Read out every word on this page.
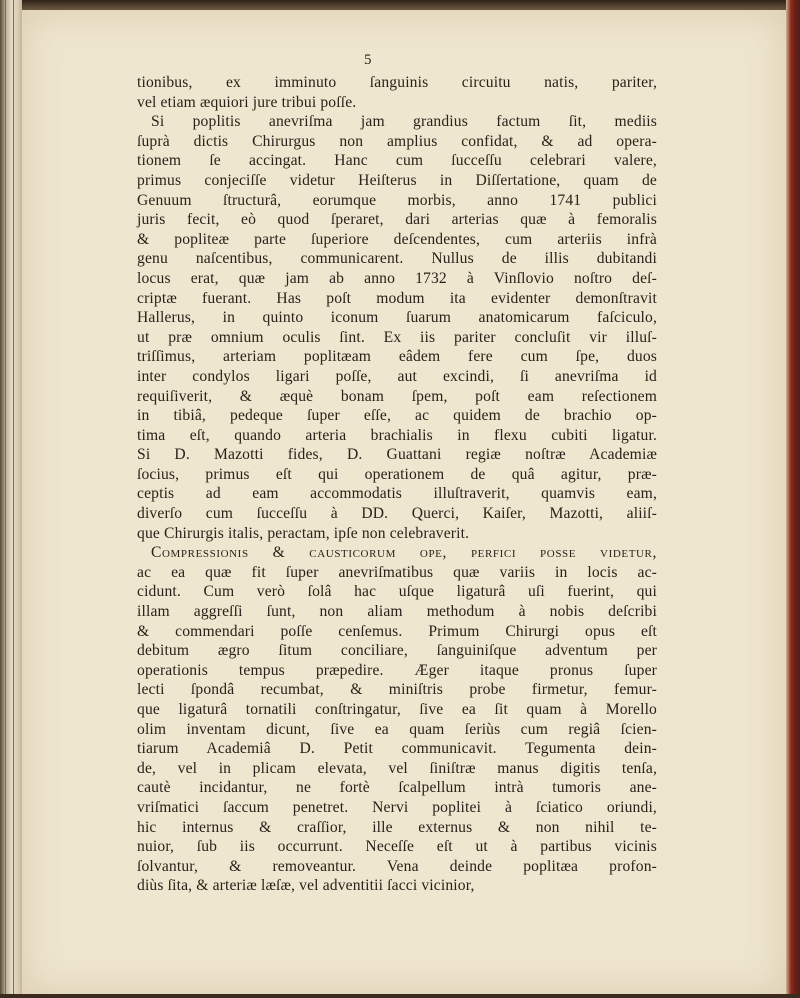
5
tionibus, ex imminuto ſanguinis circuitu natis, pariter,
vel etiam æquiori jure tribui poſſe.
Si poplitis anevriſma jam grandius factum ſit, mediis
ſuprà dictis Chirurgus non amplius confidat, & ad opera-
tionem ſe accingat. Hanc cum ſucceſſu celebrari valere,
primus conjeciſſe videtur Heiſterus in Diſſertatione, quam de
Genuum ſtructurâ, eorumque morbis, anno 1741 publici
juris fecit, eò quod ſperaret, dari arterias quæ à femoralis
& popliteæ parte ſuperiore deſcendentes, cum arteriis infrà
genu naſcentibus, communicarent. Nullus de illis dubitandi
locus erat, quæ jam ab anno 1732 à Vinſlovio noſtro deſ-
criptæ fuerant. Has poſt modum ita evidenter demonſtravit
Hallerus, in quinto iconum ſuarum anatomicarum faſciculo,
ut præ omnium oculis ſint. Ex iis pariter concluſit vir illuſ-
triſſimus, arteriam poplitæam eâdem fere cum ſpe, duos
inter condylos ligari poſſe, aut excindi, ſi anevriſma id
requiſiverit, & æquè bonam ſpem, poſt eam reſectionem
in tibiâ, pedeque ſuper eſſe, ac quidem de brachio op-
tima eſt, quando arteria brachialis in flexu cubiti ligatur.
Si D. Mazotti fides, D. Guattani regiæ noſtræ Academiæ
ſocius, primus eſt qui operationem de quâ agitur, præ-
ceptis ad eam accommodatis illuſtraverit, quamvis eam,
diverſo cum ſucceſſu à DD. Querci, Kaiſer, Mazotti, aliiſ-
que Chirurgis italis, peractam, ipſe non celebraverit.
Compressionis & cauſticorum ope, perfici poſſe videtur,
ac ea quæ fit ſuper anevriſmatibus quæ variis in locis ac-
cidunt. Cum verò ſolâ hac uſque ligaturâ uſi fuerint, qui
illam aggreſſi ſunt, non aliam methodum à nobis deſcribi
& commendari poſſe cenſemus. Primum Chirurgi opus eſt
debitum ægro ſitum conciliare, ſanguiniſque adventum per
operationis tempus præpedire. Æger itaque pronus ſuper
lecti ſpondâ recumbat, & miniſtris probe firmetur, femur-
que ligaturâ tornatili conſtringatur, ſive ea ſit quam à Morello
olim inventam dicunt, ſive ea quam ſeriùs cum regiâ ſcien-
tiarum Academiâ D. Petit communicavit. Tegumenta dein-
de, vel in plicam elevata, vel ſiniſtræ manus digitis tenſa,
cautè incidantur, ne fortè ſcalpellum intrà tumoris ane-
vriſmatici ſaccum penetret. Nervi poplitei à ſciatico oriundi,
hic internus & craſſior, ille externus & non nihil te-
nuior, ſub iis occurrunt. Neceſſe eſt ut à partibus vicinis
ſolvantur, & removeantur. Vena deinde poplitæa profon-
diùs ſita, & arteriæ læſæ, vel adventitii ſacci vicinior,
